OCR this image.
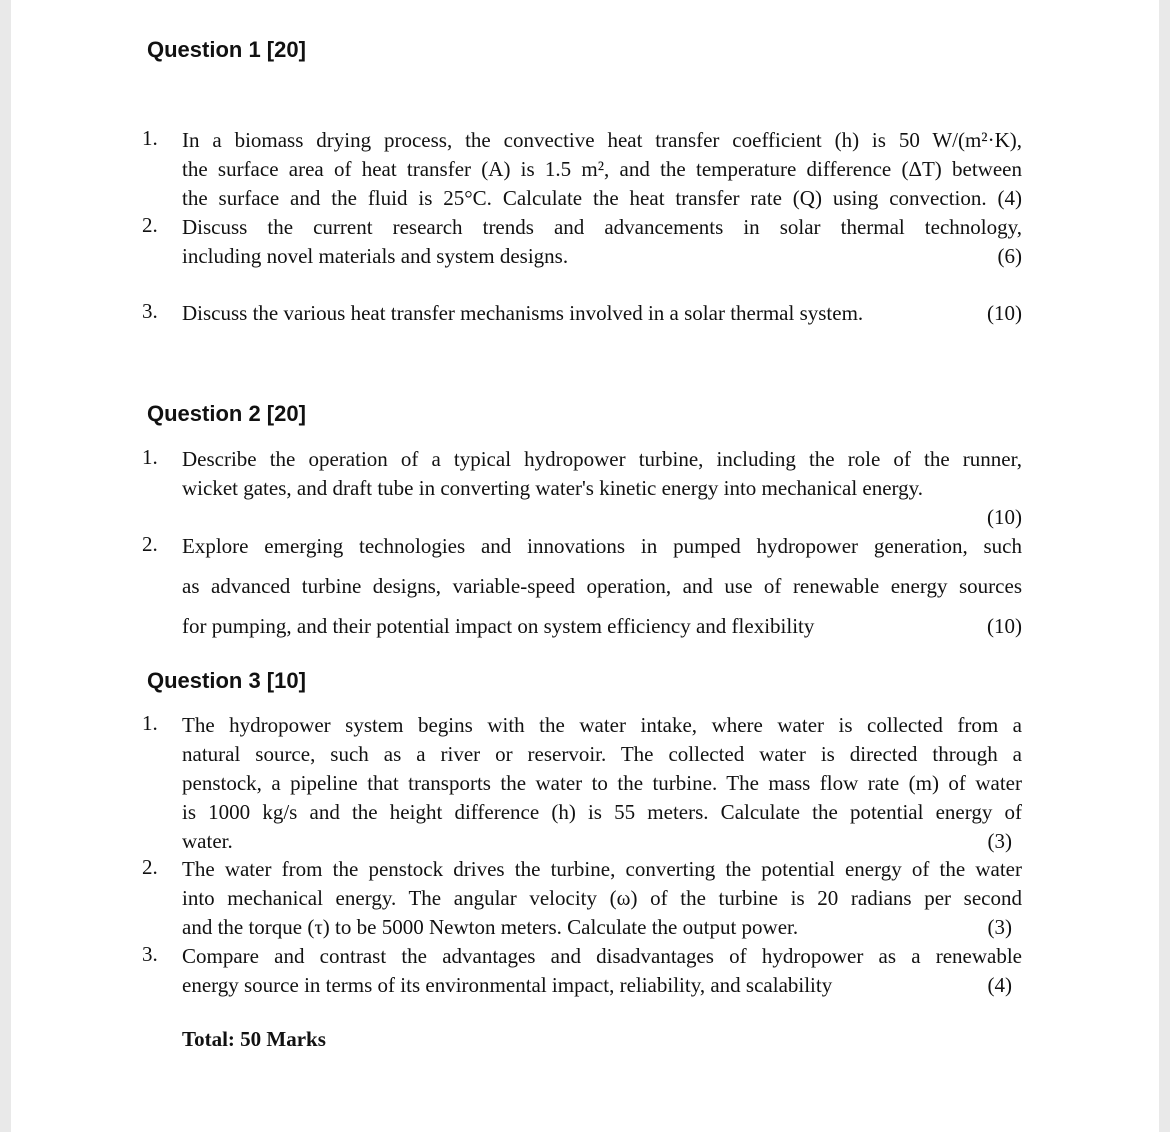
Question 1 [20]
1. In a biomass drying process, the convective heat transfer coefficient (h) is 50 W/(m²·K),
the surface area of heat transfer (A) is 1.5 m², and the temperature difference (ΔT) between
the surface and the fluid is 25°C. Calculate the heat transfer rate (Q) using convection. (4)
2. Discuss the current research trends and advancements in solar thermal technology,
including novel materials and system designs.	(6)
3. Discuss the various heat transfer mechanisms involved in a solar thermal system.	(10)
Question 2 [20]
1. Describe the operation of a typical hydropower turbine, including the role of the runner,
wicket gates, and draft tube in converting water's kinetic energy into mechanical energy.
(10)
2. Explore emerging technologies and innovations in pumped hydropower generation, such
as advanced turbine designs, variable-speed operation, and use of renewable energy sources
for pumping, and their potential impact on system efficiency and flexibility	(10)
Question 3 [10]
1. The hydropower system begins with the water intake, where water is collected from a
natural source, such as a river or reservoir. The collected water is directed through a
penstock, a pipeline that transports the water to the turbine. The mass flow rate (m) of water
is 1000 kg/s and the height difference (h) is 55 meters. Calculate the potential energy of
water.	(3)
2. The water from the penstock drives the turbine, converting the potential energy of the water
into mechanical energy. The angular velocity (ω) of the turbine is 20 radians per second
and the torque (τ) to be 5000 Newton meters. Calculate the output power.	(3)
3. Compare and contrast the advantages and disadvantages of hydropower as a renewable
energy source in terms of its environmental impact, reliability, and scalability	(4)
Total: 50 Marks
